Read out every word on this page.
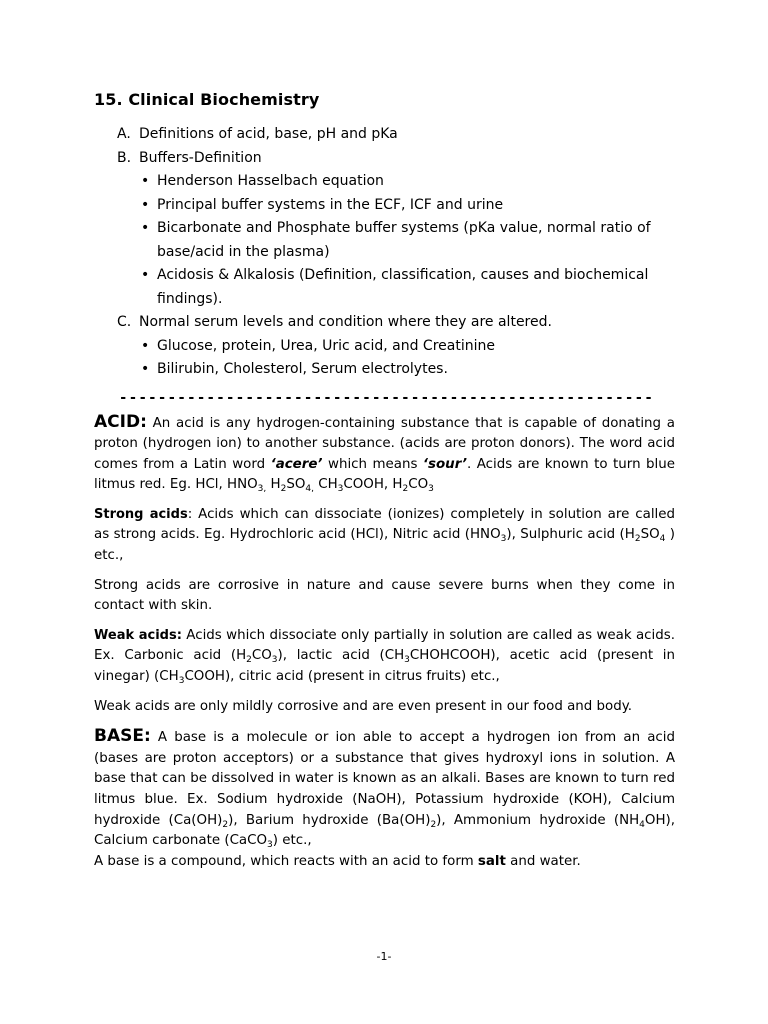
15. Clinical Biochemistry
A. Definitions of acid, base, pH and pKa
B. Buffers-Definition
• Henderson Hasselbach equation
• Principal buffer systems in the ECF, ICF and urine
• Bicarbonate and Phosphate buffer systems (pKa value, normal ratio of base/acid in the plasma)
• Acidosis & Alkalosis (Definition, classification, causes and biochemical findings).
C. Normal serum levels and condition where they are altered.
• Glucose, protein, Urea, Uric acid, and Creatinine
• Bilirubin, Cholesterol, Serum electrolytes.
-------------------------------------------------------

ACID: An acid is any hydrogen-containing substance that is capable of donating a proton (hydrogen ion) to another substance. (acids are proton donors). The word acid comes from a Latin word ‘acere’ which means ‘sour’. Acids are known to turn blue litmus red. Eg. HCl, $HNO_{3,}$ $H_2SO_{4,}$ $CH_3COOH$, $H_2CO_3$

Strong acids: Acids which can dissociate (ionizes) completely in solution are called as strong acids. Eg. Hydrochloric acid (HCl), Nitric acid $(HNO_3)$, Sulphuric acid ($H_2SO_4$ ) etc.,

Strong acids are corrosive in nature and cause severe burns when they come in contact with skin.

Weak acids: Acids which dissociate only partially in solution are called as weak acids. Ex. Carbonic acid $(H_2CO_3)$, lactic acid $(CH_3CHOHCOOH)$, acetic acid (present in vinegar) $(CH_3COOH)$, citric acid (present in citrus fruits) etc.,

Weak acids are only mildly corrosive and are even present in our food and body.

BASE: A base is a molecule or ion able to accept a hydrogen ion from an acid (bases are proton acceptors) or a substance that gives hydroxyl ions in solution. A base that can be dissolved in water is known as an alkali. Bases are known to turn red litmus blue. Ex. Sodium hydroxide (NaOH), Potassium hydroxide (KOH), Calcium hydroxide $(Ca(OH)_2)$, Barium hydroxide $(Ba(OH)_2)$, Ammonium hydroxide $(NH_4OH)$, Calcium carbonate (CaCO$_3$) etc.,

A base is a compound, which reacts with an acid to form salt and water.

-1-
